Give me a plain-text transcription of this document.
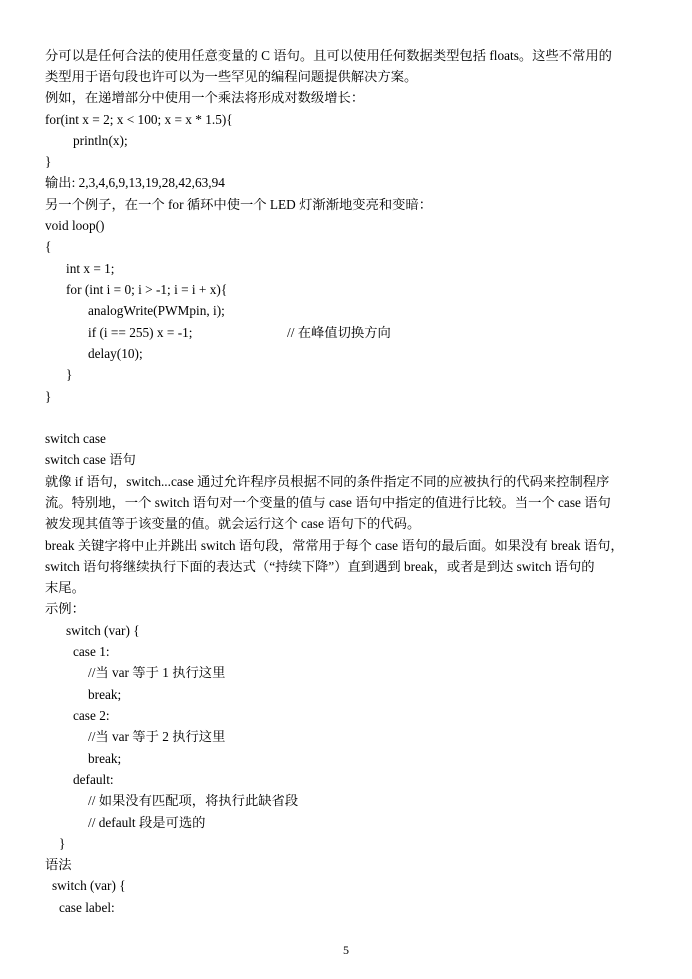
分可以是任何合法的使用任意变量的 C 语句。且可以使用任何数据类型包括 floats。这些不常用的
类型用于语句段也许可以为一些罕见的编程问题提供解决方案。
例如，在递增部分中使用一个乘法将形成对数级增长：
for(int x = 2; x < 100; x = x * 1.5){
println(x);
}
输出: 2,3,4,6,9,13,19,28,42,63,94
另一个例子，在一个 for 循环中使一个 LED 灯渐渐地变亮和变暗：
void loop()
{
int x = 1;
for (int i = 0; i > -1; i = i + x){
analogWrite(PWMpin, i);
if (i == 255) x = -1;	// 在峰值切换方向
delay(10);
}
}
switch case
switch case 语句
就像 if 语句，switch...case 通过允许程序员根据不同的条件指定不同的应被执行的代码来控制程序
流。特别地，一个 switch 语句对一个变量的值与 case 语句中指定的值进行比较。当一个 case 语句
被发现其值等于该变量的值。就会运行这个 case 语句下的代码。
break 关键字将中止并跳出 switch 语句段，常常用于每个 case 语句的最后面。如果没有 break 语句，
switch 语句将继续执行下面的表达式（“持续下降”）直到遇到 break，或者是到达 switch 语句的
末尾。
示例：
switch (var) {
case 1:
//当 var 等于 1 执行这里
break;
case 2:
//当 var 等于 2 执行这里
break;
default:
// 如果没有匹配项，将执行此缺省段
// default 段是可选的
}
语法
switch (var) {
case label:
5
